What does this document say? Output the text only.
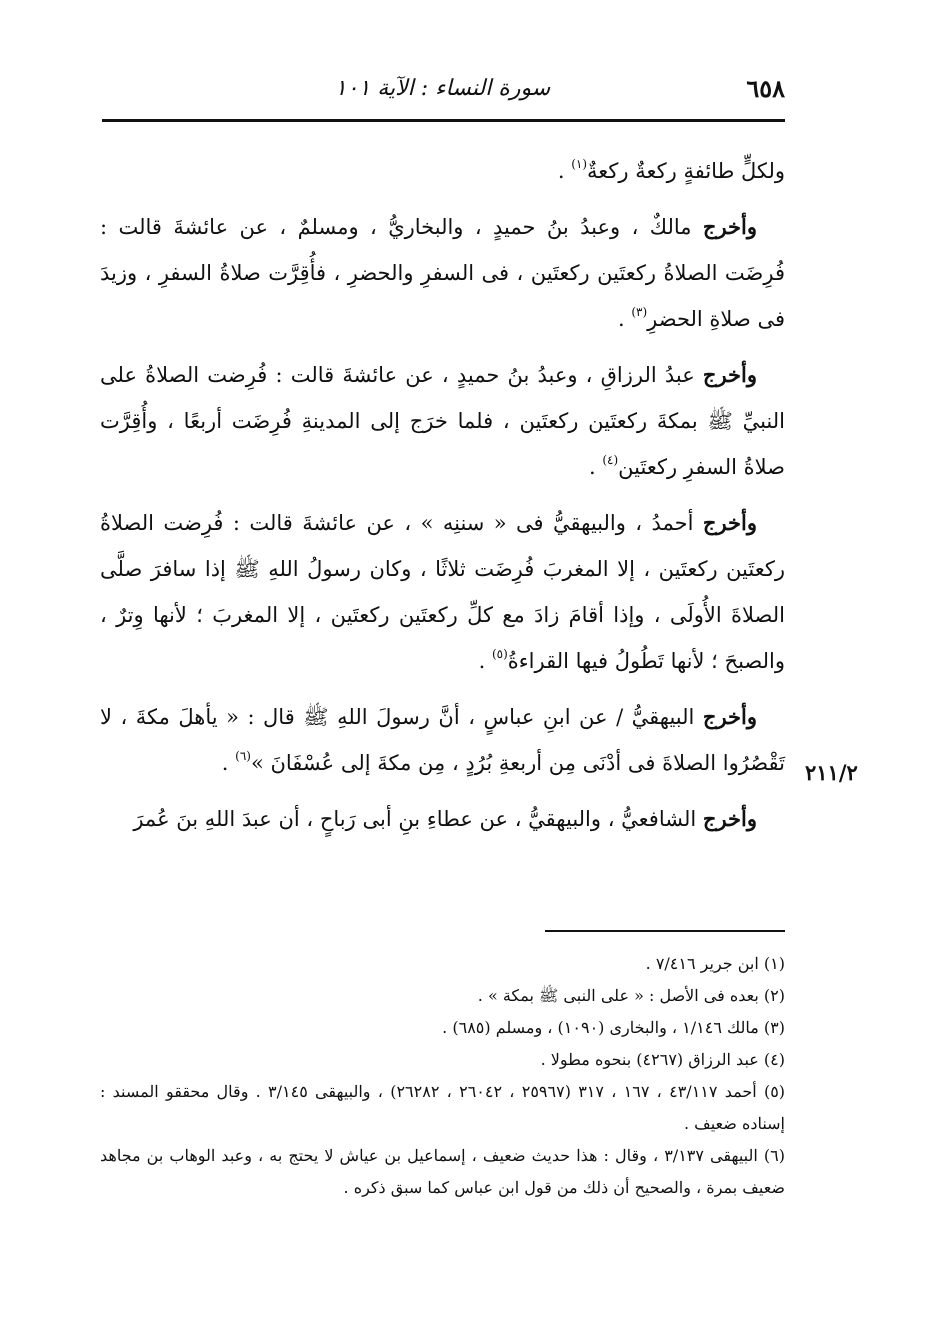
٦٥٨
سورة النساء : الآية ١٠١

ولكلٍّ طائفةٍ ركعةٌ ركعةٌ$^{(١)}$ .

وأخرج مالكٌ ، وعبدُ بنُ حميدٍ ، والبخاريُّ ، ومسلمٌ ، عن عائشةَ قالت : فُرِضَت الصلاةُ ركعتَين ركعتَين ، فى السفرِ والحضرِ ، فأُقِرَّت صلاةُ السفرِ ، وزيدَ فى صلاةِ الحضرِ$^{(٣)}$ .

وأخرج عبدُ الرزاقِ ، وعبدُ بنُ حميدٍ ، عن عائشةَ قالت : فُرِضت الصلاةُ على النبيِّ ﷺ بمكةَ ركعتَين ركعتَين ، فلما خرَج إلى المدينةِ فُرِضَت أربعًا ، وأُقِرَّت صلاةُ السفرِ ركعتَين$^{(٤)}$ .

وأخرج أحمدُ ، والبيهقيُّ فى « سننِه » ، عن عائشةَ قالت : فُرِضت الصلاةُ ركعتَين ركعتَين ، إلا المغربَ فُرِضَت ثلاثًا ، وكان رسولُ اللهِ ﷺ إذا سافرَ صلَّى الصلاةَ الأُولَى ، وإذا أقامَ زادَ مع كلِّ ركعتَين ركعتَين ، إلا المغربَ ؛ لأنها وِترٌ ، والصبحَ ؛ لأنها تَطُولُ فيها القراءةُ$^{(٥)}$ .

وأخرج البيهقيُّ / عن ابنِ عباسٍ ، أنَّ رسولَ اللهِ ﷺ قال : « يأهلَ مكةَ ، لا تَقْصُرُوا الصلاةَ فى أدْنَى مِن أربعةِ بُرُدٍ ، مِن مكةَ إلى عُسْفَانَ »$^{(٦)}$ .

وأخرج الشافعيُّ ، والبيهقيُّ ، عن عطاءِ بنِ أبى رَباحٍ ، أن عبدَ اللهِ بنَ عُمرَ

٢١١/٢

(١) ابن جرير ٧/٤١٦ .

(٢) بعده فى الأصل : « على النبى ﷺ بمكة » .

(٣) مالك ١/١٤٦ ، والبخارى (١٠٩٠) ، ومسلم (٦٨٥) .

(٤) عبد الرزاق (٤٢٦٧) بنحوه مطولا .

(٥) أحمد ٤٣/١١٧ ، ١٦٧ ، ٣١٧ (٢٥٩٦٧ ، ٢٦٠٤٢ ، ٢٦٢٨٢) ، والبيهقى ٣/١٤٥ . وقال محققو المسند : إسناده ضعيف .

(٦) البيهقى ٣/١٣٧ ، وقال : هذا حديث ضعيف ، إسماعيل بن عياش لا يحتج به ، وعبد الوهاب بن مجاهد ضعيف بمرة ، والصحيح أن ذلك من قول ابن عباس كما سبق ذكره .
